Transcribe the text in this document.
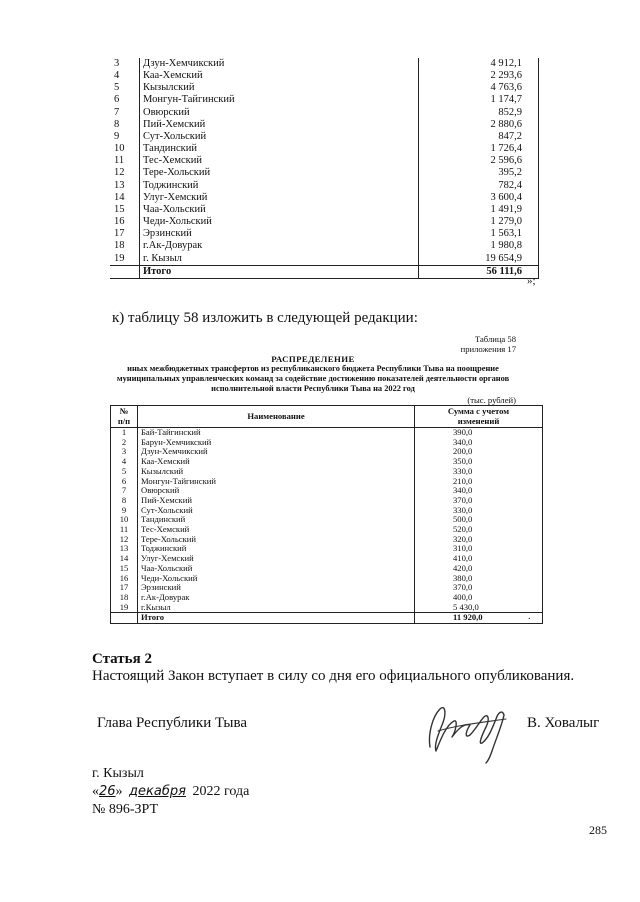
3	Дзун-Хемчикский	4 912,1
4	Каа-Хемский	2 293,6
5	Кызылский	4 763,6
6	Монгун-Тайгинский	1 174,7
7	Овюрский	852,9
8	Пий-Хемский	2 880,6
9	Сут-Хольский	847,2
10	Тандинский	1 726,4
11	Тес-Хемский	2 596,6
12	Тере-Хольский	395,2
13	Тоджинский	782,4
14	Улуг-Хемский	3 600,4
15	Чаа-Хольский	1 491,9
16	Чеди-Хольский	1 279,0
17	Эрзинский	1 563,1
18	г.Ак-Довурак	1 980,8
19	г. Кызыл	19 654,9
	Итого	56 111,6
»;
к) таблицу 58 изложить в следующей редакции:
Таблица 58
приложения 17
РАСПРЕДЕЛЕНИЕ
иных межбюджетных трансфертов из республиканского бюджета Республики Тыва на поощрение
муниципальных управленческих команд за содействие достижению показателей деятельности органов
исполнительной власти Республики Тыва на 2022 год
(тыс. рублей)
№
п/п	Наименование	Сумма с учетом
изменений
1	Бай-Тайгинский	390,0
2	Барун-Хемчикский	340,0
3	Дзун-Хемчикский	200,0
4	Каа-Хемский	350,0
5	Кызылский	330,0
6	Монгун-Тайгинский	210,0
7	Овюрский	340,0
8	Пий-Хемский	370,0
9	Сут-Хольский	330,0
10	Тандинский	500,0
11	Тес-Хемский	520,0
12	Тере-Хольский	320,0
13	Тоджинский	310,0
14	Улуг-Хемский	410,0
15	Чаа-Хольский	420,0
16	Чеди-Хольский	380,0
17	Эрзинский	370,0
18	г.Ак-Довурак	400,0
19	г.Кызыл	5 430,0
	Итого	11 920,0	.
Статья 2
Настоящий Закон вступает в силу со дня его официального опубликования.
Глава Республики Тыва	В. Ховалыг
г. Кызыл
«26» декабря 2022 года
№ 896-ЗРТ
285
